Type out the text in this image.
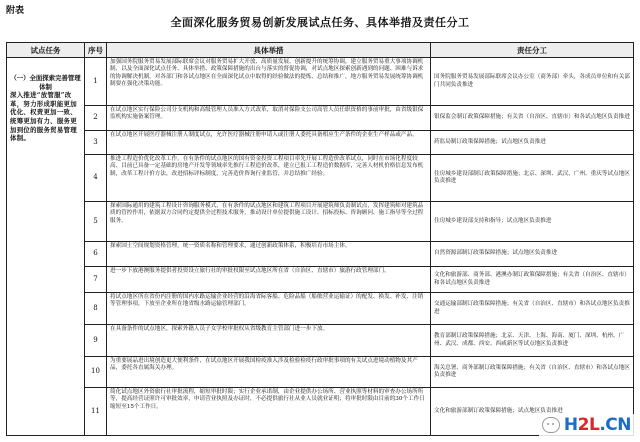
附表
全面深化服务贸易创新发展试点任务、具体举措及责任分工
试点任务	序号	具体举措	责任分工
（一）全面探索完善管理体制
深入推进“放管服”改革，努力形成职能更加优化、权责更加一致、统筹更加有力、服务更加到位的服务贸易管理体制。
1
加强国务院服务贸易发展部际联席会议对服务贸易扩大开放、高质量发展、创新提升的统筹协调，建立服务贸易重大事项协调机制，以及全面深化试点任务、具体举措、政策保障措施的出台与落实的督促协调，对试点地区探索创新遇到的问题、困难与诉求的协调解决机制，对各部门和各试点地区在全面深化试点中取得的经验做法的提炼、总结和推广，地方服务贸易发展统筹协调机制要在强化决策功能。
国务院服务贸易发展部际联席会议办公室（商务部）牵头，各成员单位和有关部门共同负责推进
2
在试点地区实行保险公司分支机构和高级管理人员准入方式改革，取消对保险支公司高管人员任职资格的事前审批，由省级银保监机构实施备案管理。	银保监会制订政策保障措施；有关省（自治区、直辖市）和各试点地区负责推进
3
在试点地区开展医疗器械注册人制度试点，允许医疗器械注册申请人或注册人委托具备相应生产条件的企业生产样品或产品。
药监局制订政策保障措施；试点地区负责推进
4
推进工程造价优化改革工作。在有条件的试点地区的国有资金投资工程项目率先开展工程造价改革试点，同时在市场化程度较高、目前已具备一定基础的房地产开发等领域率先推行工程造价改革，建立已报工工程造价数据库，完善人材机价格信息发布机制，改革工程计价方法，改进招标评标制度，完善造价咨询行业监管，并总结推广经验。	住房城乡建设部制订政策保障措施；北京、深圳、武汉、广州、重庆等试点地区负责推进
5
探索国际通用的建筑工程设计咨询服务模式，在有条件的试点地区和建筑工程项目开展建筑师负责制试点，发挥建筑师对建筑品质的管控作用，依据双方合同约定提供全过程技术服务，推动设计单位提供施工设计、招标投标、咨询顾问、施工指导等全过程服务。	住房城乡建设部支持和指导；试点地区负责推进
6
探索国土空间规划资格管理，统一资质名称和管理要求，通过创新政策体系，积极培育市场主体。
自然资源部制订政策保障措施；试点地区负责推进
7
进一步下放港澳服务提供者投资设立旅行社的审批权限至试点地区所在省（自治区、直辖市）旅游行政管理部门。
文化和旅游部、商务部、港澳办制订政策保障措施；有关省（自治区、直辖市）和各试点地区负责推进
8
将试点地区所在省份内注册的国内水路运输企业经营的沿海省际客船、危险品船（船舶营业运输证）的配发、换发、补发、注销等管理事项，下放至企业所在地省级水路运输管理部门。	交通运输部制订政策保障措施；有关省（自治区、直辖市）和各试点地区负责推进
9
在具备条件的试点地区，探索外籍人员子女学校审批权从省级教育主管部门进一步下放。
教育部制订政策保障措施；北京、天津、上海、海南、厦门、深圳、杭州、广州、武汉、成都、西安、西咸新区等试点地区负责推进
10
为重要展品进出境创造更大便利条件，在试点地区开展我国检疫准入涉及检验检疫行政审批事项的有关试点进境动植物及其产品，委托各直属海关办理。	海关总署、商务部制订政策保障措施；有关省（自治区、直辖市）和各试点地区负责推进
11
简化试点地区外资旅行社审批流程，缩短审批时限；实行企业承诺制，由企业提供办公场所、营业执照等材料的审查办公场所所等，提高经营证照许可审批效率，申请营业执照及办证时，不必提供旅行社从业人员就业证明；将审批时限由目前的30个工作日缩短至15个工作日。
文化和旅游部制订政策保障措施；试点地区负责推进
H2L.CN
